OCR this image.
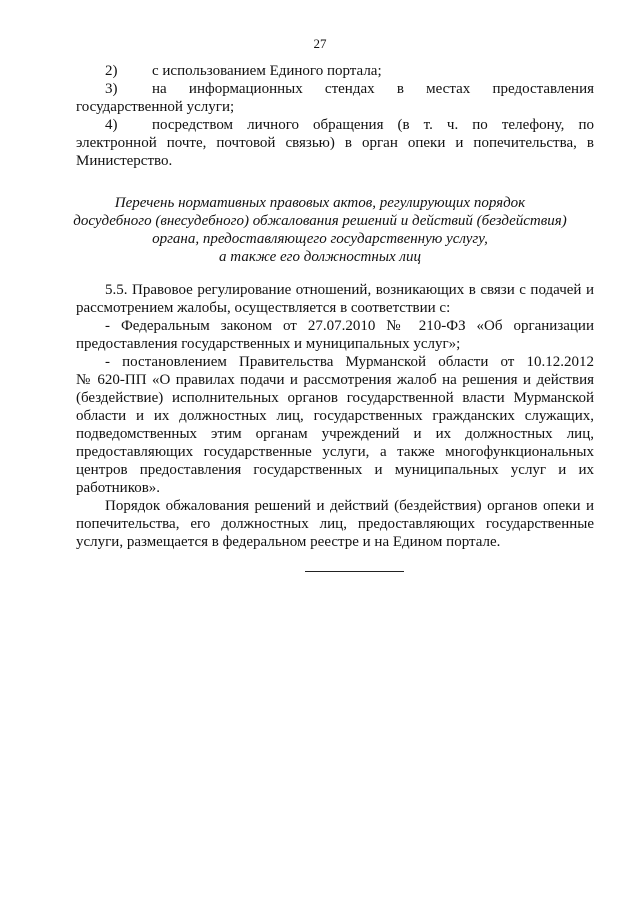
27
2) с использованием Единого портала;
3) на информационных стендах в местах предоставления
государственной услуги;
4) посредством личного обращения (в т. ч. по телефону, по
электронной почте, почтовой связью) в орган опеки и попечительства, в
Министерство.
Перечень нормативных правовых актов, регулирующих порядок
досудебного (внесудебного) обжалования решений и действий (бездействия)
органа, предоставляющего государственную услугу,
а также его должностных лиц
5.5. Правовое регулирование отношений, возникающих в связи с подачей и
рассмотрением жалобы, осуществляется в соответствии с:
- Федеральным законом от 27.07.2010 № 210-ФЗ «Об организации
предоставления государственных и муниципальных услуг»;
- постановлением Правительства Мурманской области от 10.12.2012
№ 620-ПП «О правилах подачи и рассмотрения жалоб на решения и действия
(бездействие) исполнительных органов государственной власти Мурманской
области и их должностных лиц, государственных гражданских служащих,
подведомственных этим органам учреждений и их должностных лиц,
предоставляющих государственные услуги, а также многофункциональных
центров предоставления государственных и муниципальных услуг и их
работников».
Порядок обжалования решений и действий (бездействия) органов опеки и
попечительства, его должностных лиц, предоставляющих государственные
услуги, размещается в федеральном реестре и на Едином портале.
